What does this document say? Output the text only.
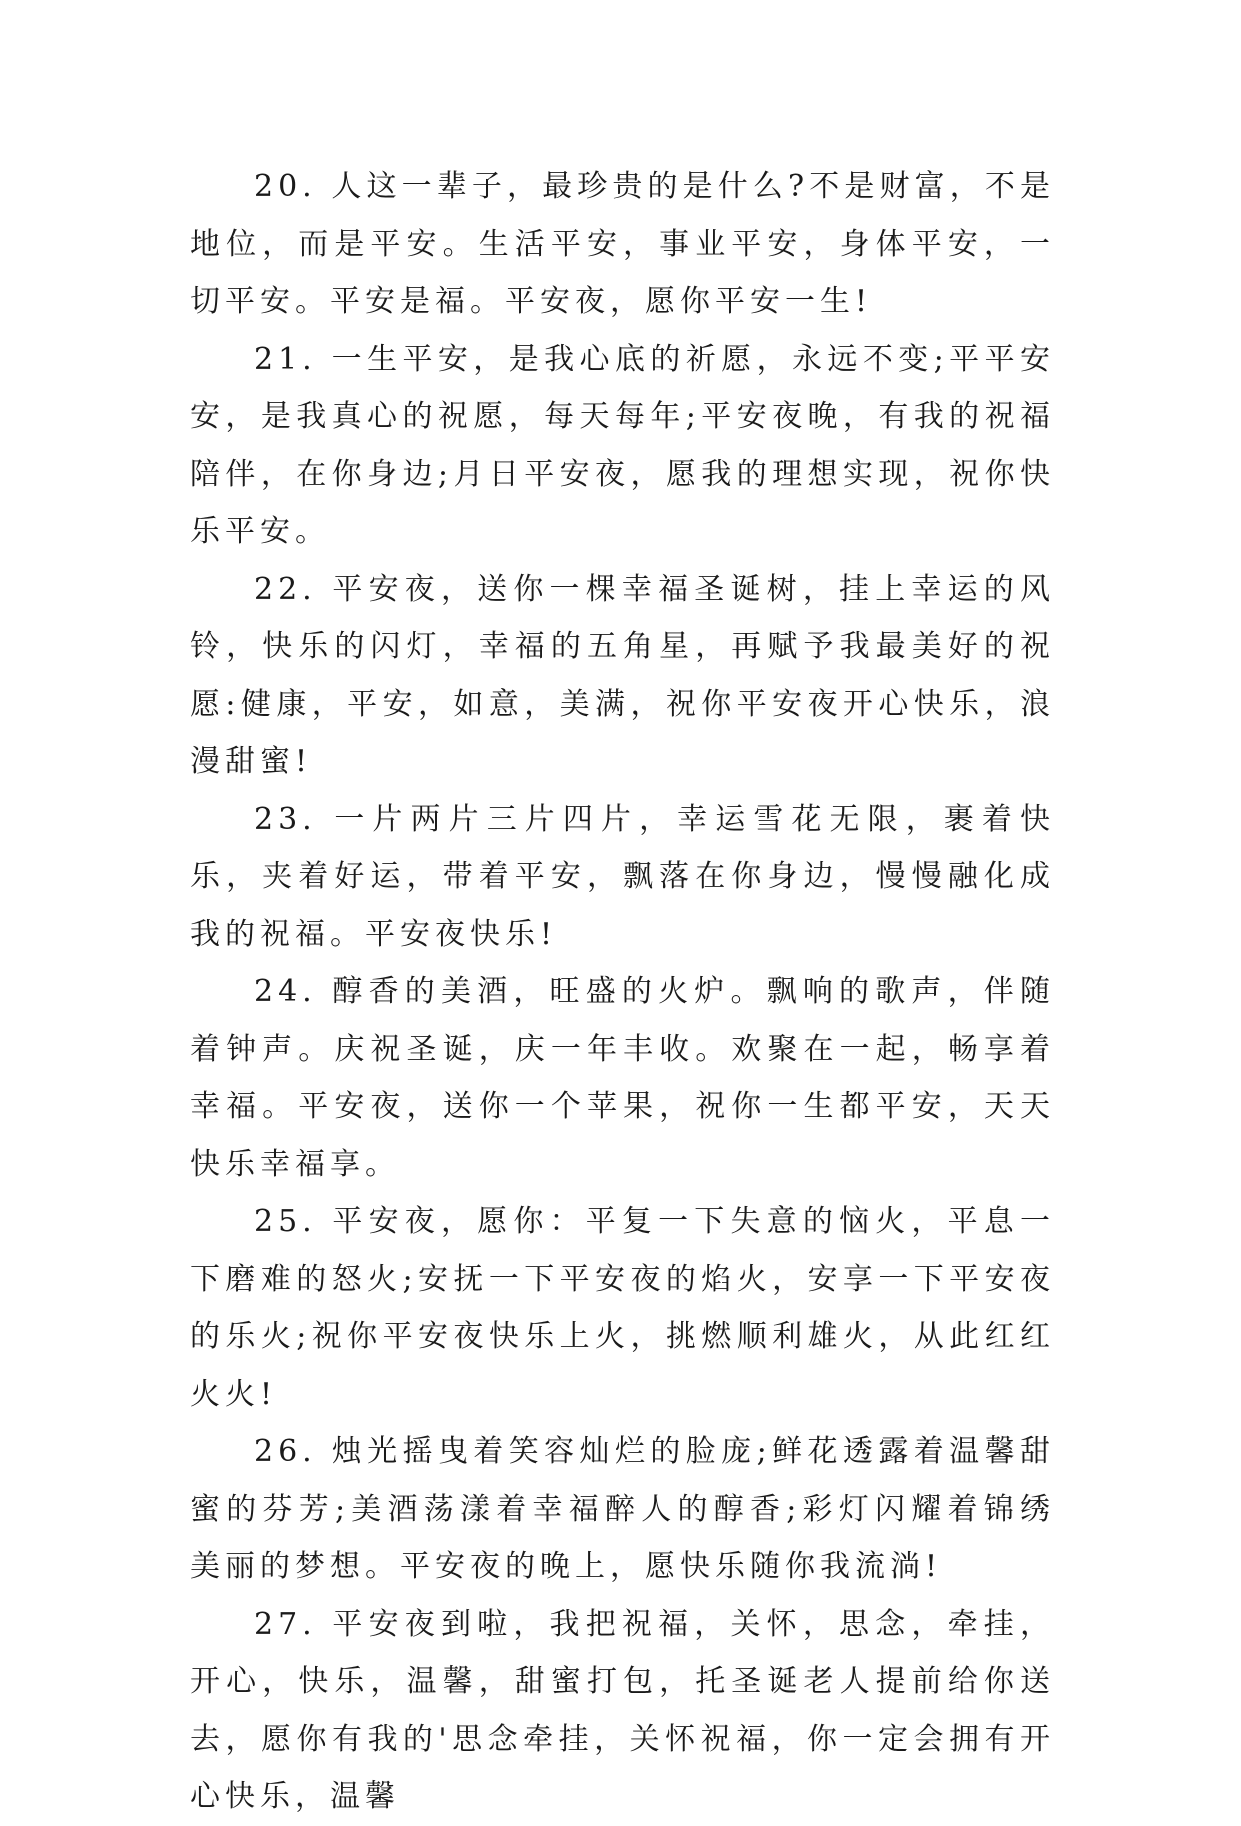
20. 人这一辈子，最珍贵的是什么?不是财富，不是地位，而是平安。生活平安，事业平安，身体平安，一切平安。平安是福。平安夜，愿你平安一生!

21. 一生平安，是我心底的祈愿，永远不变;平平安安，是我真心的祝愿，每天每年;平安夜晚，有我的祝福陪伴，在你身边;月日平安夜，愿我的理想实现，祝你快乐平安。

22. 平安夜，送你一棵幸福圣诞树，挂上幸运的风铃，快乐的闪灯，幸福的五角星，再赋予我最美好的祝愿:健康，平安，如意，美满，祝你平安夜开心快乐，浪漫甜蜜!

23. 一片两片三片四片，幸运雪花无限，裹着快乐，夹着好运，带着平安，飘落在你身边，慢慢融化成我的祝福。平安夜快乐!

24. 醇香的美酒，旺盛的火炉。飘响的歌声，伴随着钟声。庆祝圣诞，庆一年丰收。欢聚在一起，畅享着幸福。平安夜，送你一个苹果，祝你一生都平安，天天快乐幸福享。

25. 平安夜，愿你：平复一下失意的恼火，平息一下磨难的怒火;安抚一下平安夜的焰火，安享一下平安夜的乐火;祝你平安夜快乐上火，挑燃顺利雄火，从此红红火火!

26. 烛光摇曳着笑容灿烂的脸庞;鲜花透露着温馨甜蜜的芬芳;美酒荡漾着幸福醉人的醇香;彩灯闪耀着锦绣美丽的梦想。平安夜的晚上，愿快乐随你我流淌!

27. 平安夜到啦，我把祝福，关怀，思念，牵挂，开心，快乐，温馨，甜蜜打包，托圣诞老人提前给你送去，愿你有我的'思念牵挂，关怀祝福，你一定会拥有开心快乐，温馨
